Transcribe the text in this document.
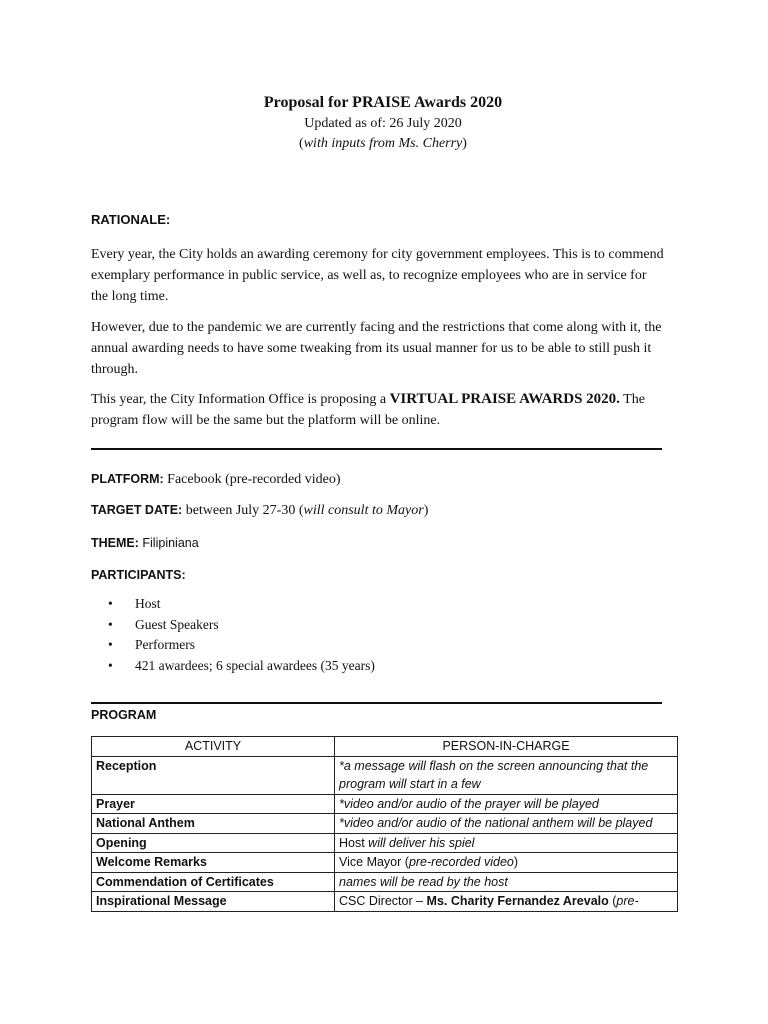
Proposal for PRAISE Awards 2020
Updated as of: 26 July 2020
(with inputs from Ms. Cherry)
RATIONALE:

Every year, the City holds an awarding ceremony for city government employees. This is to commend exemplary performance in public service, as well as, to recognize employees who are in service for the long time.

However, due to the pandemic we are currently facing and the restrictions that come along with it, the annual awarding needs to have some tweaking from its usual manner for us to be able to still push it through.

This year, the City Information Office is proposing a VIRTUAL PRAISE AWARDS 2020. The program flow will be the same but the platform will be online.

PLATFORM: Facebook (pre-recorded video)
TARGET DATE: between July 27-30 (will consult to Mayor)
THEME: Filipiniana
PARTICIPANTS:
• Host
• Guest Speakers
• Performers
• 421 awardees; 6 special awardees (35 years)
PROGRAM
ACTIVITY	PERSON-IN-CHARGE
Reception	*a message will flash on the screen announcing that the program will start in a few
Prayer	*video and/or audio of the prayer will be played
National Anthem	*video and/or audio of the national anthem will be played
Opening	Host will deliver his spiel
Welcome Remarks	Vice Mayor (pre-recorded video)
Commendation of Certificates	names will be read by the host
Inspirational Message	CSC Director – Ms. Charity Fernandez Arevalo (pre-
